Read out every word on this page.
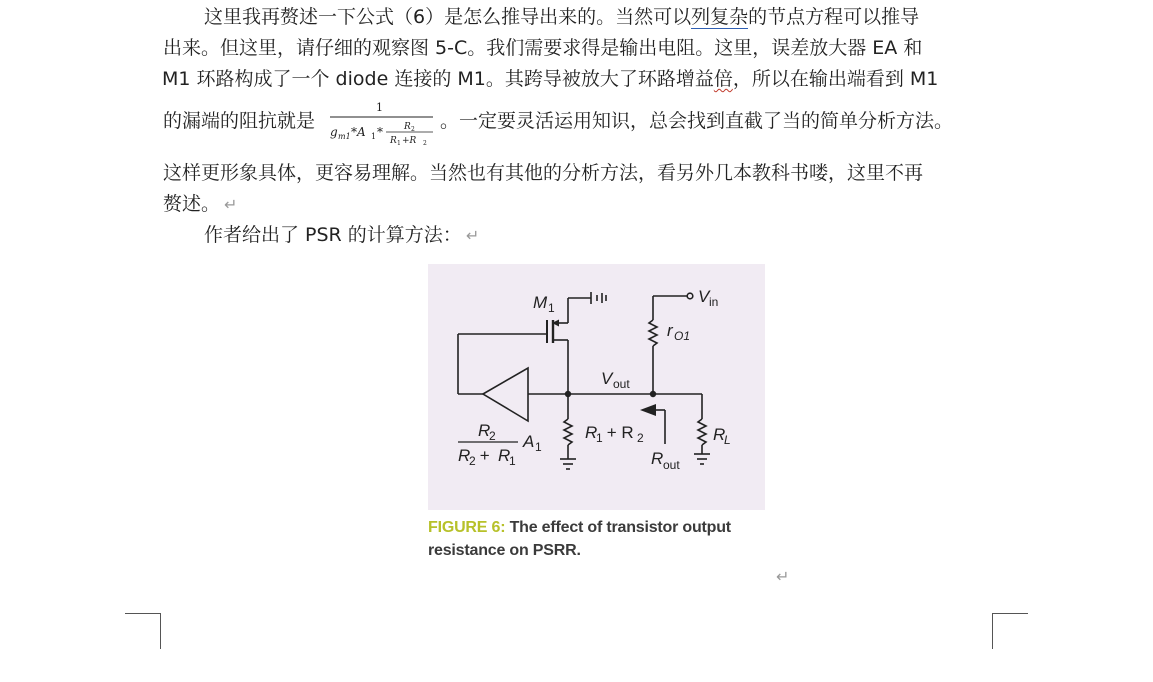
这里我再赘述一下公式（6）是怎么推导出来的。当然可以列复杂的节点方程可以推导
出来。但这里，请仔细的观察图 5-C。我们需要求得是输出电阻。这里，误差放大器 EA 和
M1 环路构成了一个 diode 连接的 M1。其跨导被放大了环路增益倍，所以在输出端看到 M1
的漏端的阻抗就是
1
g m1 *A 1 * R 2
R 1 +R 2
。一定要灵活运用知识，总会找到直截了当的简单分析方法。
这样更形象具体，更容易理解。当然也有其他的分析方法，看另外几本教科书喽，这里不再
赘述。 ↵
作者给出了 PSR 的计算方法： ↵
M 1
V in
r O1
V out
R
2
R
2 + R
1
A 1
R
1 + R 2
R out
R
L
FIGURE 6: The effect of transistor output
resistance on PSRR.
↵
